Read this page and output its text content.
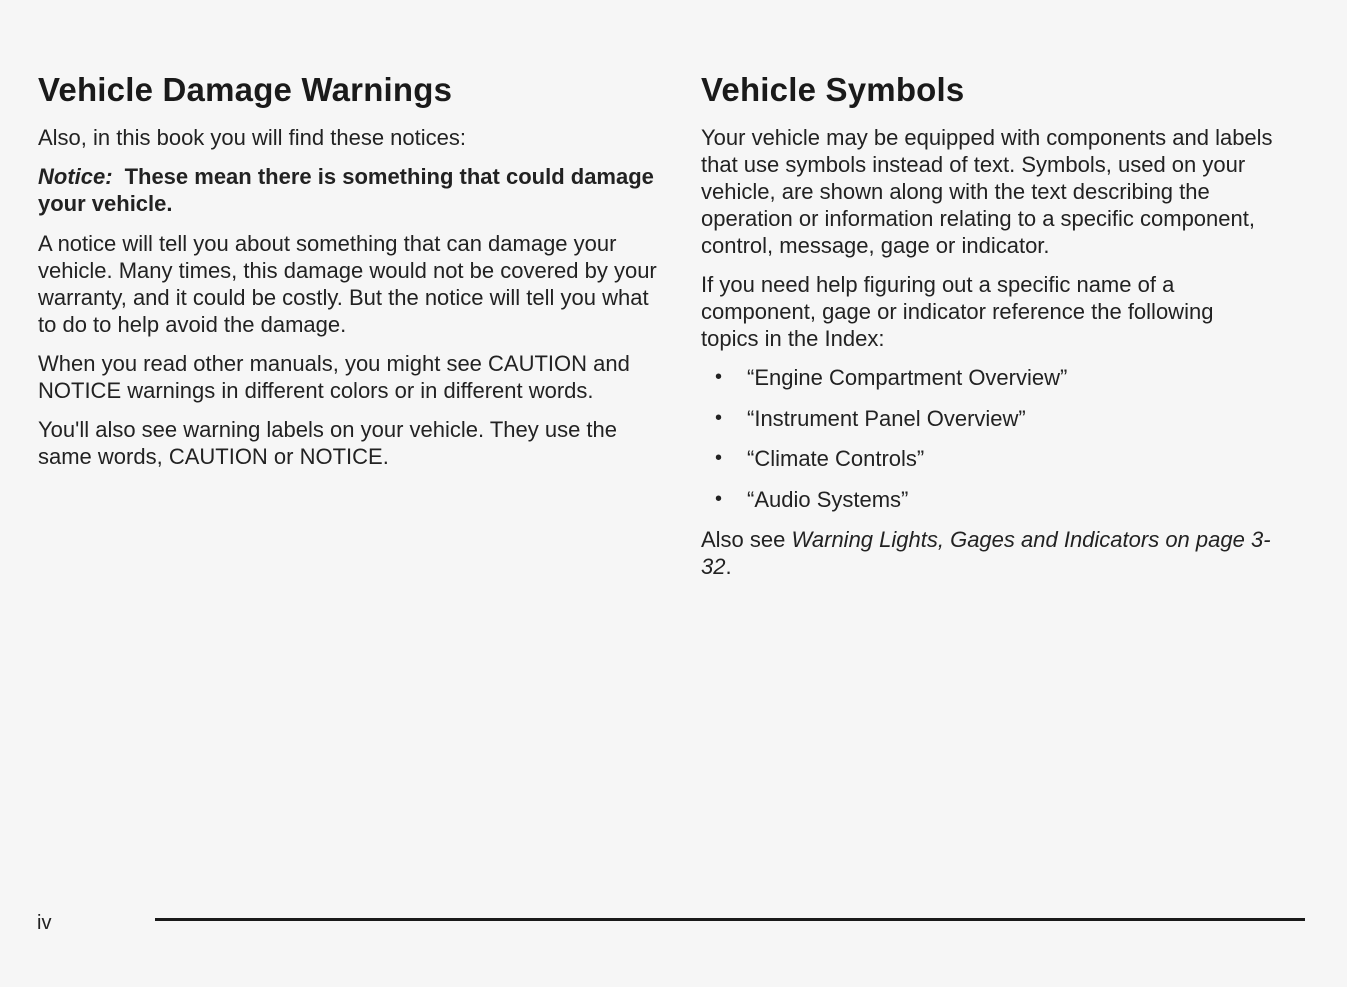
Vehicle Damage Warnings

Also, in this book you will find these notices:

Notice: These mean there is something that could damage your vehicle.

A notice will tell you about something that can damage your vehicle. Many times, this damage would not be covered by your warranty, and it could be costly. But the notice will tell you what to do to help avoid the damage.

When you read other manuals, you might see CAUTION and NOTICE warnings in different colors or in different words.

You'll also see warning labels on your vehicle. They use the same words, CAUTION or NOTICE.

Vehicle Symbols

Your vehicle may be equipped with components and labels that use symbols instead of text. Symbols, used on your vehicle, are shown along with the text describing the operation or information relating to a specific component, control, message, gage or indicator.

If you need help figuring out a specific name of a component, gage or indicator reference the following topics in the Index:

• “Engine Compartment Overview”
• “Instrument Panel Overview”
• “Climate Controls”
• “Audio Systems”

Also see Warning Lights, Gages and Indicators on page 3-32.

iv
